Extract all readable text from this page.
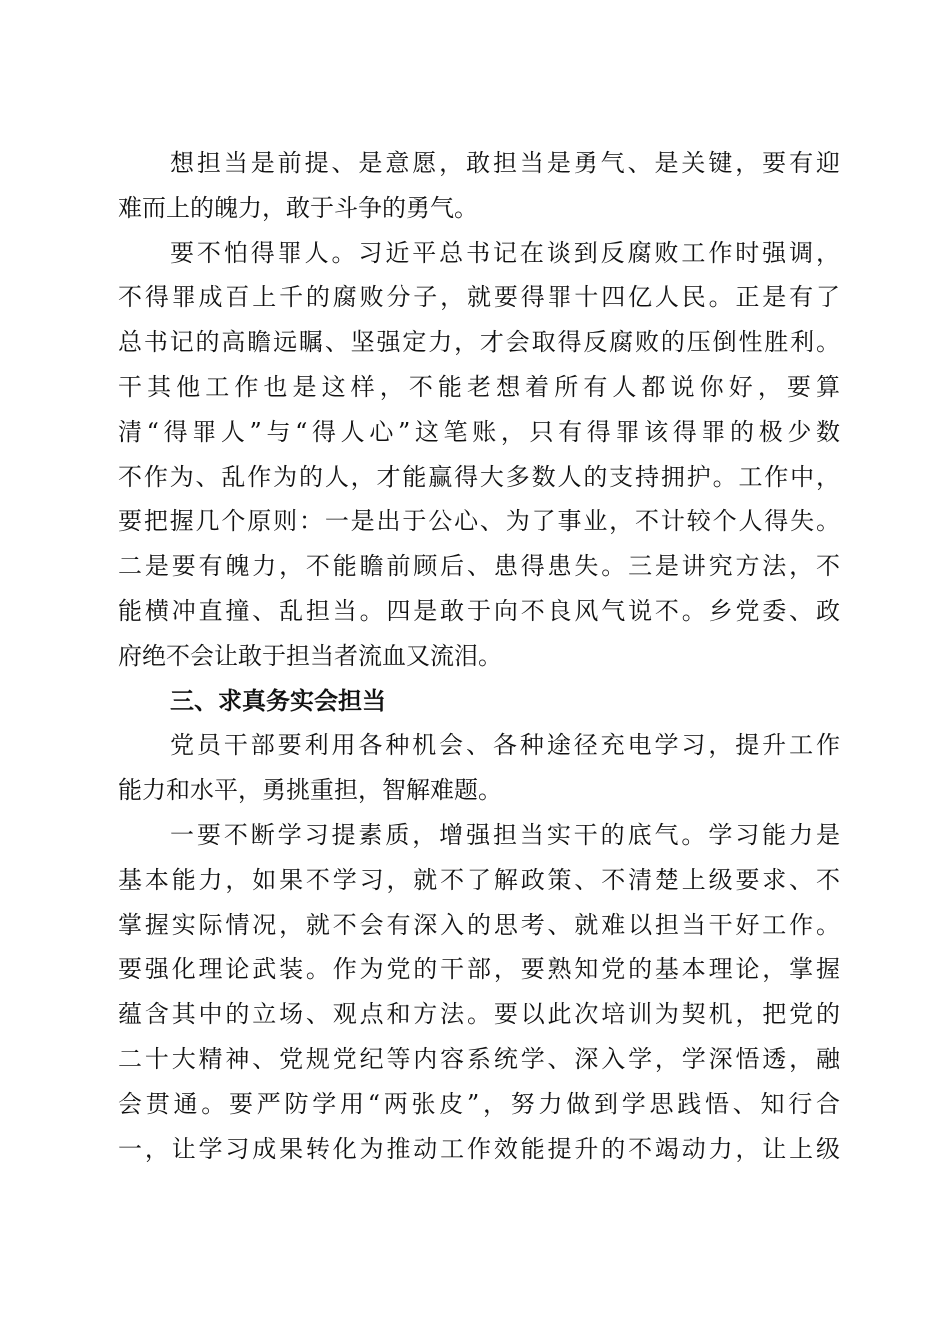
想担当是前提、是意愿，敢担当是勇气、是关键，要有迎
难而上的魄力，敢于斗争的勇气。
要不怕得罪人。习近平总书记在谈到反腐败工作时强调，
不得罪成百上千的腐败分子，就要得罪十四亿人民。正是有了
总书记的高瞻远瞩、坚强定力，才会取得反腐败的压倒性胜利。
干其他工作也是这样，不能老想着所有人都说你好，要算
清“得罪人”与“得人心”这笔账，只有得罪该得罪的极少数
不作为、乱作为的人，才能赢得大多数人的支持拥护。工作中，
要把握几个原则：一是出于公心、为了事业，不计较个人得失。
二是要有魄力，不能瞻前顾后、患得患失。三是讲究方法，不
能横冲直撞、乱担当。四是敢于向不良风气说不。乡党委、政
府绝不会让敢于担当者流血又流泪。
三、求真务实会担当
党员干部要利用各种机会、各种途径充电学习，提升工作
能力和水平，勇挑重担，智解难题。
一要不断学习提素质，增强担当实干的底气。学习能力是
基本能力，如果不学习，就不了解政策、不清楚上级要求、不
掌握实际情况，就不会有深入的思考、就难以担当干好工作。
要强化理论武装。作为党的干部，要熟知党的基本理论，掌握
蕴含其中的立场、观点和方法。要以此次培训为契机，把党的
二十大精神、党规党纪等内容系统学、深入学，学深悟透，融
会贯通。要严防学用“两张皮”，努力做到学思践悟、知行合
一，让学习成果转化为推动工作效能提升的不竭动力，让上级
